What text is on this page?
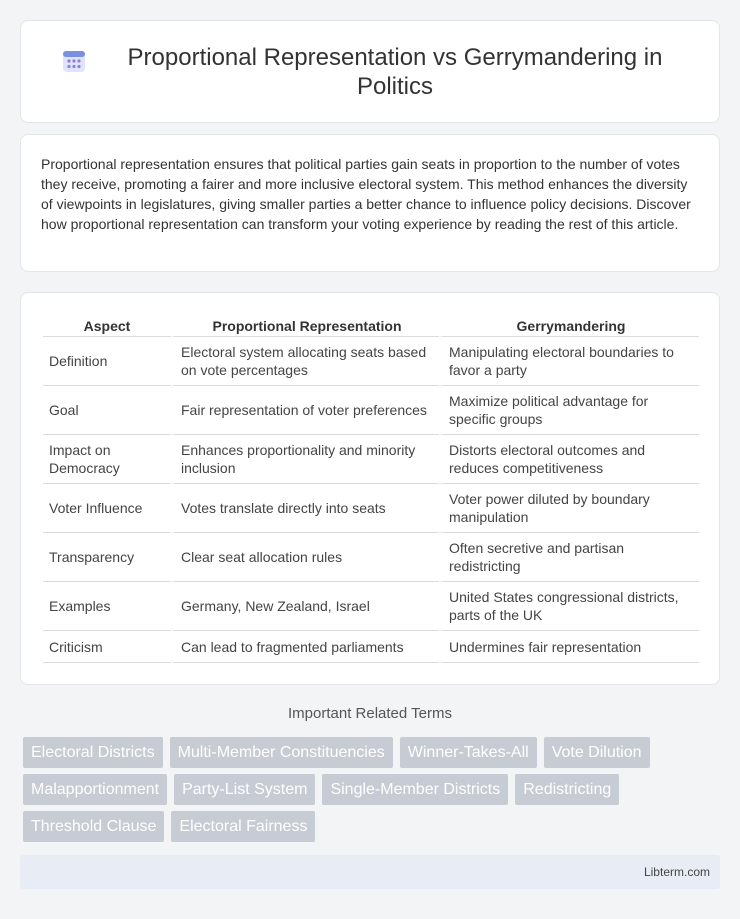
Proportional Representation vs Gerrymandering in Politics

Proportional representation ensures that political parties gain seats in proportion to the number of votes they receive, promoting a fairer and more inclusive electoral system. This method enhances the diversity of viewpoints in legislatures, giving smaller parties a better chance to influence policy decisions. Discover how proportional representation can transform your voting experience by reading the rest of this article.

Aspect	Proportional Representation	Gerrymandering
Definition	Electoral system allocating seats based on vote percentages	Manipulating electoral boundaries to favor a party
Goal	Fair representation of voter preferences	Maximize political advantage for specific groups
Impact on Democracy	Enhances proportionality and minority inclusion	Distorts electoral outcomes and reduces competitiveness
Voter Influence	Votes translate directly into seats	Voter power diluted by boundary manipulation
Transparency	Clear seat allocation rules	Often secretive and partisan redistricting
Examples	Germany, New Zealand, Israel	United States congressional districts, parts of the UK
Criticism	Can lead to fragmented parliaments	Undermines fair representation
Important Related Terms
Electoral Districts	Multi-Member Constituencies	Winner-Takes-All	Vote Dilution
Malapportionment	Party-List System	Single-Member Districts	Redistricting
Threshold Clause	Electoral Fairness
Libterm.com
